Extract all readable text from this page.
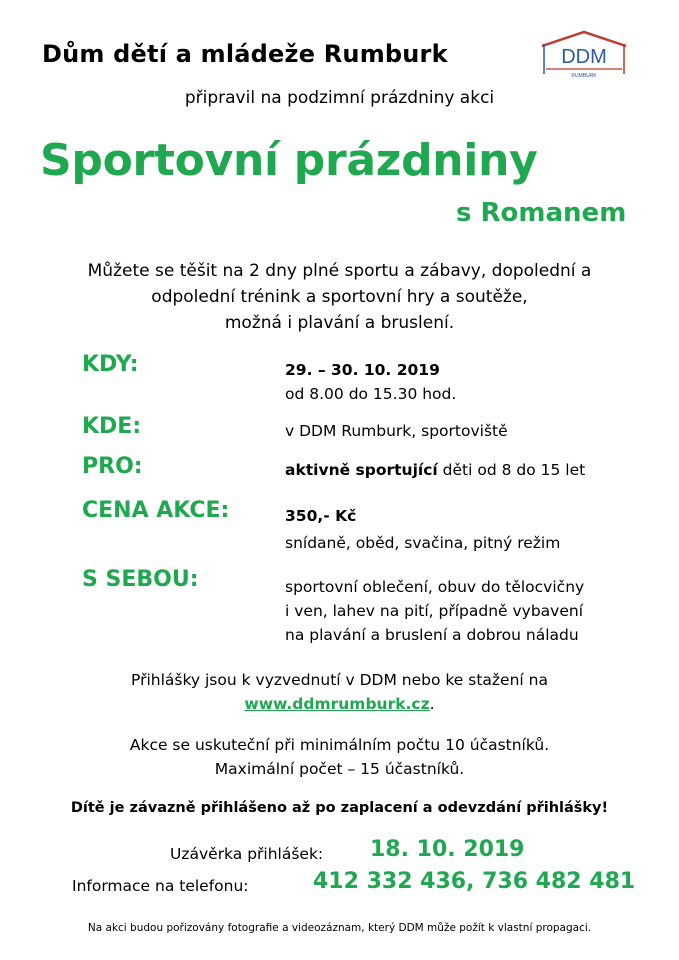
Dům dětí a mládeže Rumburk	DDM
RUMBURK
připravil na podzimní prázdniny akci
Sportovní prázdniny
s Romanem
Můžete se těšit na 2 dny plné sportu a zábavy, dopolední a
odpolední trénink a sportovní hry a soutěže,
možná i plavání a bruslení.
KDY:	29. – 30. 10. 2019
od 8.00 do 15.30 hod.
KDE:	v DDM Rumburk, sportoviště
PRO:	aktivně sportující děti od 8 do 15 let
CENA AKCE:	350,- Kč
snídaně, oběd, svačina, pitný režim
S SEBOU:	sportovní oblečení, obuv do tělocvičny
i ven, lahev na pití, případně vybavení
na plavání a bruslení a dobrou náladu
Přihlášky jsou k vyzvednutí v DDM nebo ke stažení na
www.ddmrumburk.cz.
Akce se uskuteční při minimálním počtu 10 účastníků.
Maximální počet – 15 účastníků.
Dítě je závazně přihlášeno až po zaplacení a odevzdání přihlášky!
Uzávěrka přihlášek: 18. 10. 2019
Informace na telefonu:	412 332 436, 736 482 481
Na akci budou pořizovány fotografie a videozáznam, který DDM může požít k vlastní propagaci.
